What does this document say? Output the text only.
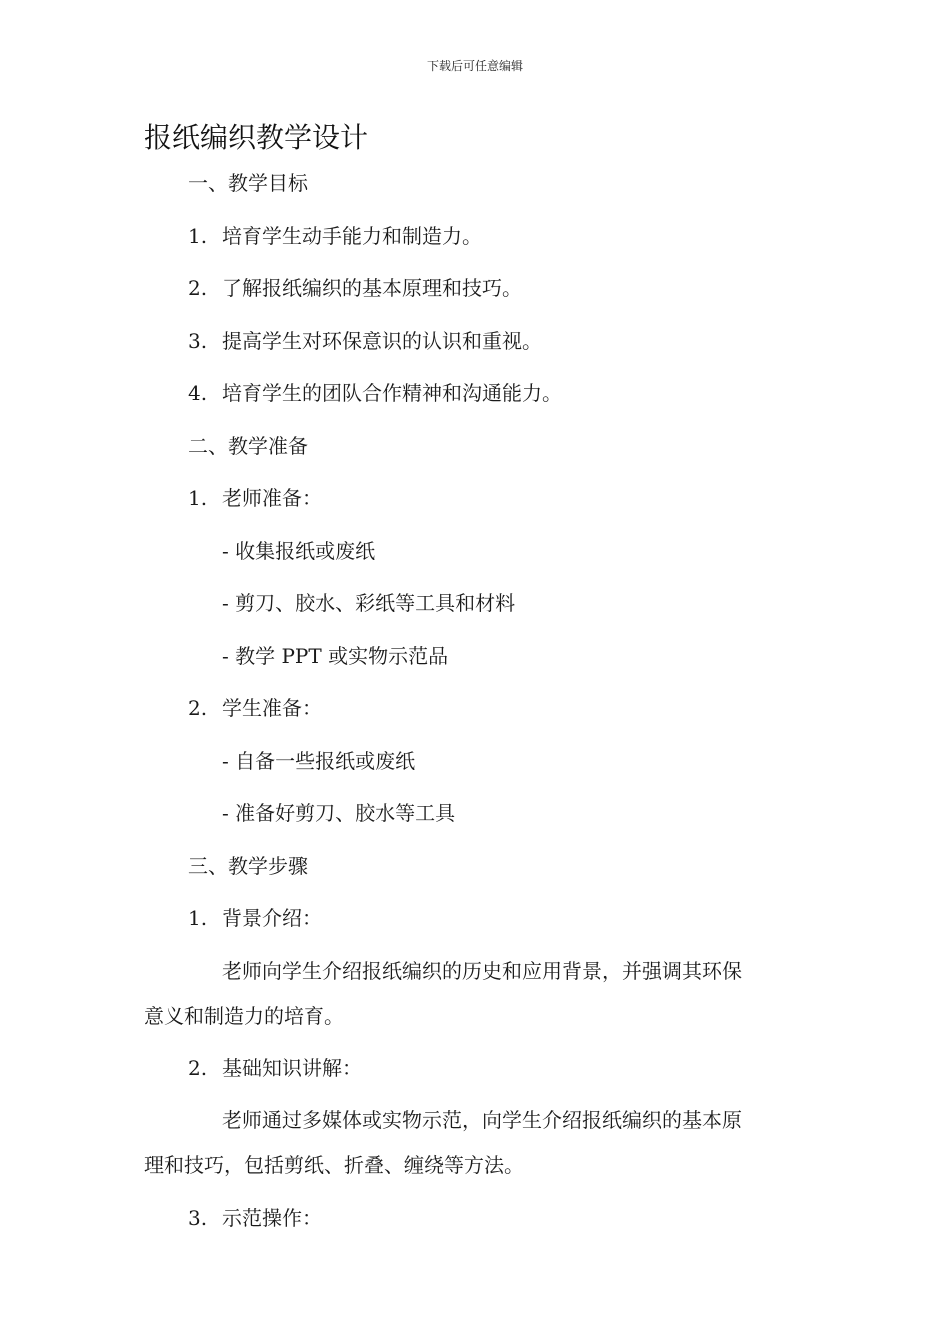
下载后可任意编辑
报纸编织教学设计
一、教学目标
1. 培育学生动手能力和制造力。
2. 了解报纸编织的基本原理和技巧。
3. 提高学生对环保意识的认识和重视。
4. 培育学生的团队合作精神和沟通能力。
二、教学准备
1. 老师准备：
- 收集报纸或废纸
- 剪刀、胶水、彩纸等工具和材料
- 教学 PPT 或实物示范品
2. 学生准备：
- 自备一些报纸或废纸
- 准备好剪刀、胶水等工具
三、教学步骤
1. 背景介绍：
老师向学生介绍报纸编织的历史和应用背景，并强调其环保
意义和制造力的培育。
2. 基础知识讲解：
老师通过多媒体或实物示范，向学生介绍报纸编织的基本原
理和技巧，包括剪纸、折叠、缠绕等方法。
3. 示范操作：
